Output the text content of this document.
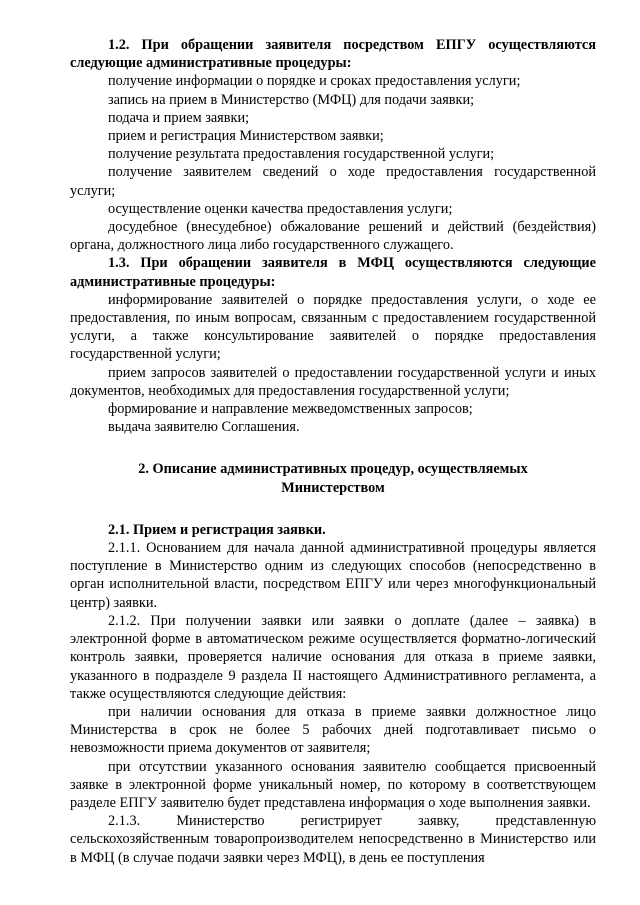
1.2. При обращении заявителя посредством ЕПГУ осуществляются следующие административные процедуры:

получение информации о порядке и сроках предоставления услуги;

запись на прием в Министерство (МФЦ) для подачи заявки;

подача и прием заявки;

прием и регистрация Министерством заявки;

получение результата предоставления государственной услуги;

получение заявителем сведений о ходе предоставления государственной услуги;

осуществление оценки качества предоставления услуги;

досудебное (внесудебное) обжалование решений и действий (бездействия) органа, должностного лица либо государственного служащего.

1.3. При обращении заявителя в МФЦ осуществляются следующие административные процедуры:

информирование заявителей о порядке предоставления услуги, о ходе ее предоставления, по иным вопросам, связанным с предоставлением государственной услуги, а также консультирование заявителей о порядке предоставления государственной услуги;

прием запросов заявителей о предоставлении государственной услуги и иных документов, необходимых для предоставления государственной услуги;

формирование и направление межведомственных запросов;

выдача заявителю Соглашения.

2. Описание административных процедур, осуществляемых
Министерством

2.1. Прием и регистрация заявки.

2.1.1. Основанием для начала данной административной процедуры является поступление в Министерство одним из следующих способов (непосредственно в орган исполнительной власти, посредством ЕПГУ или через многофункциональный центр) заявки.

2.1.2. При получении заявки или заявки о доплате (далее – заявка) в электронной форме в автоматическом режиме осуществляется форматно-логический контроль заявки, проверяется наличие основания для отказа в приеме заявки, указанного в подразделе 9 раздела II настоящего Административного регламента, а также осуществляются следующие действия:

при наличии основания для отказа в приеме заявки должностное лицо Министерства в срок не более 5 рабочих дней подготавливает письмо о невозможности приема документов от заявителя;

при отсутствии указанного основания заявителю сообщается присвоенный заявке в электронной форме уникальный номер, по которому в соответствующем разделе ЕПГУ заявителю будет представлена информация о ходе выполнения заявки.

2.1.3. Министерство регистрирует заявку, представленную сельскохозяйственным товаропроизводителем непосредственно в Министерство или в МФЦ (в случае подачи заявки через МФЦ), в день ее поступления
